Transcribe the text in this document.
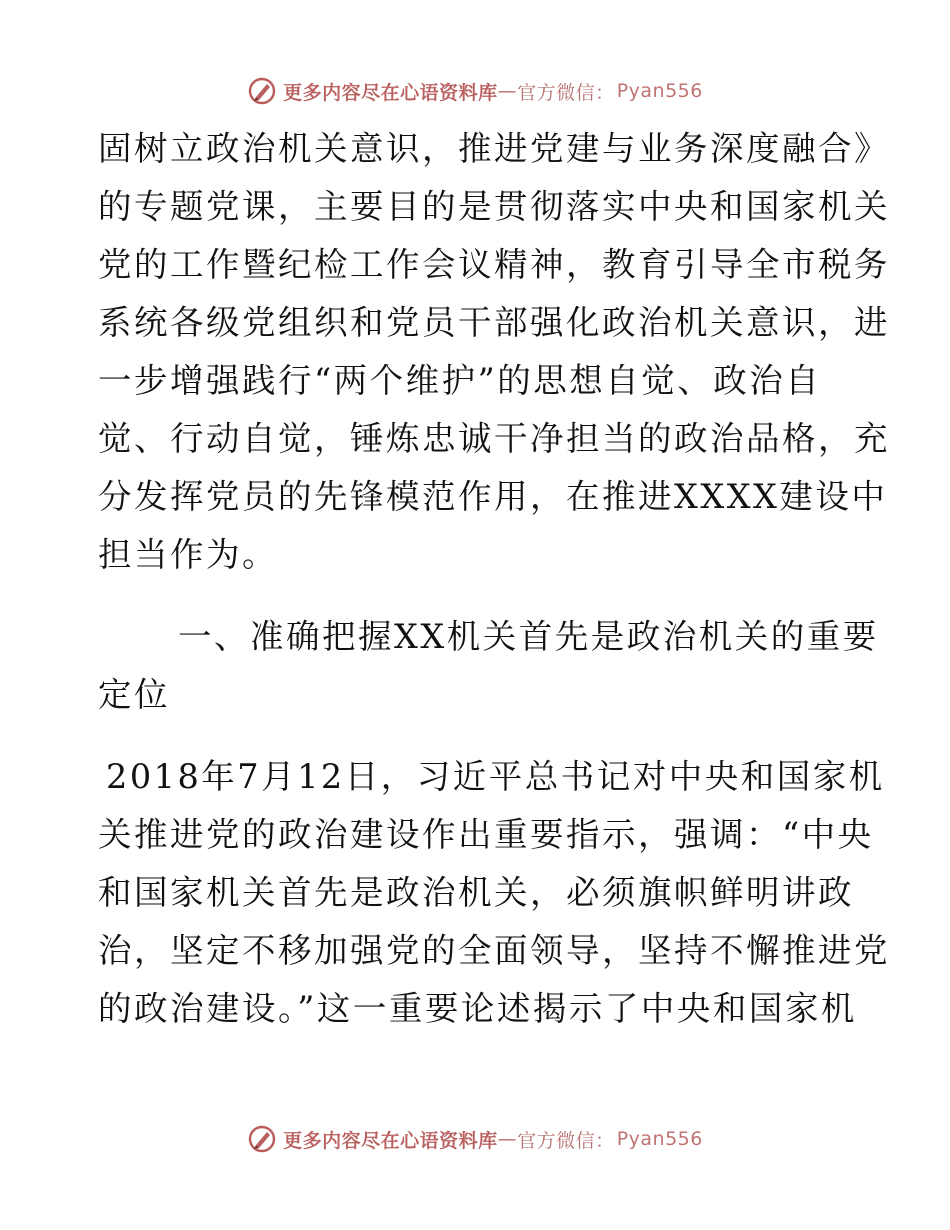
更多内容尽在心语资料库 — 官方微信： Pyan556
固树立政治机关意识，推进党建与业务深度融合》
的专题党课，主要目的是贯彻落实中央和国家机关
党的工作暨纪检工作会议精神，教育引导全市税务
系统各级党组织和党员干部强化政治机关意识，进
一步增强践行“两个维护”的思想自觉、政治自
觉、行动自觉，锤炼忠诚干净担当的政治品格，充
分发挥党员的先锋模范作用，在推进XXXX建设中
担当作为。
一、准确把握XX机关首先是政治机关的重要
定位
2018年7月12日，习近平总书记对中央和国家机
关推进党的政治建设作出重要指示，强调：“中央
和国家机关首先是政治机关，必须旗帜鲜明讲政
治，坚定不移加强党的全面领导，坚持不懈推进党
的政治建设。”这一重要论述揭示了中央和国家机
更多内容尽在心语资料库 — 官方微信： Pyan556
